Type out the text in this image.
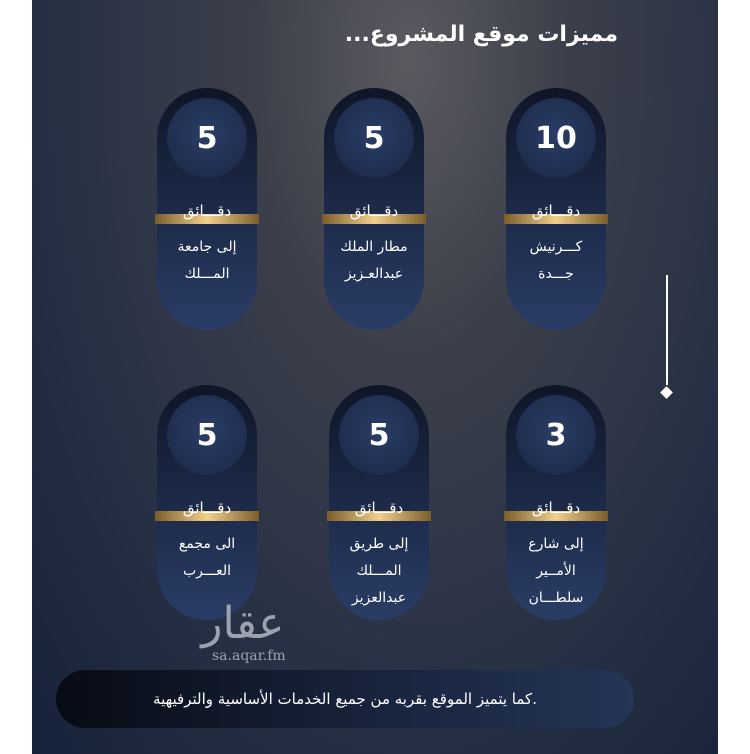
مميزات موقع المشروع...
10
دقـــائق
كـــرنيش
جـــدة
5
دقـــائق
مطار الملك
عبدالعـزيز
5
دقـــائق
إلى جامعة
المـــلك
3
دقـــائق
إلى شارع
الأمــير
سلطـــان
5
دقـــائق
إلى طريق
المـــلك
عبدالعزيز
5
دقـــائق
الى مجمع
العـــرب
عقار
sa.aqar.fm
.كما يتميز الموقع بقربه من جميع الخدمات الأساسية والترفيهية
